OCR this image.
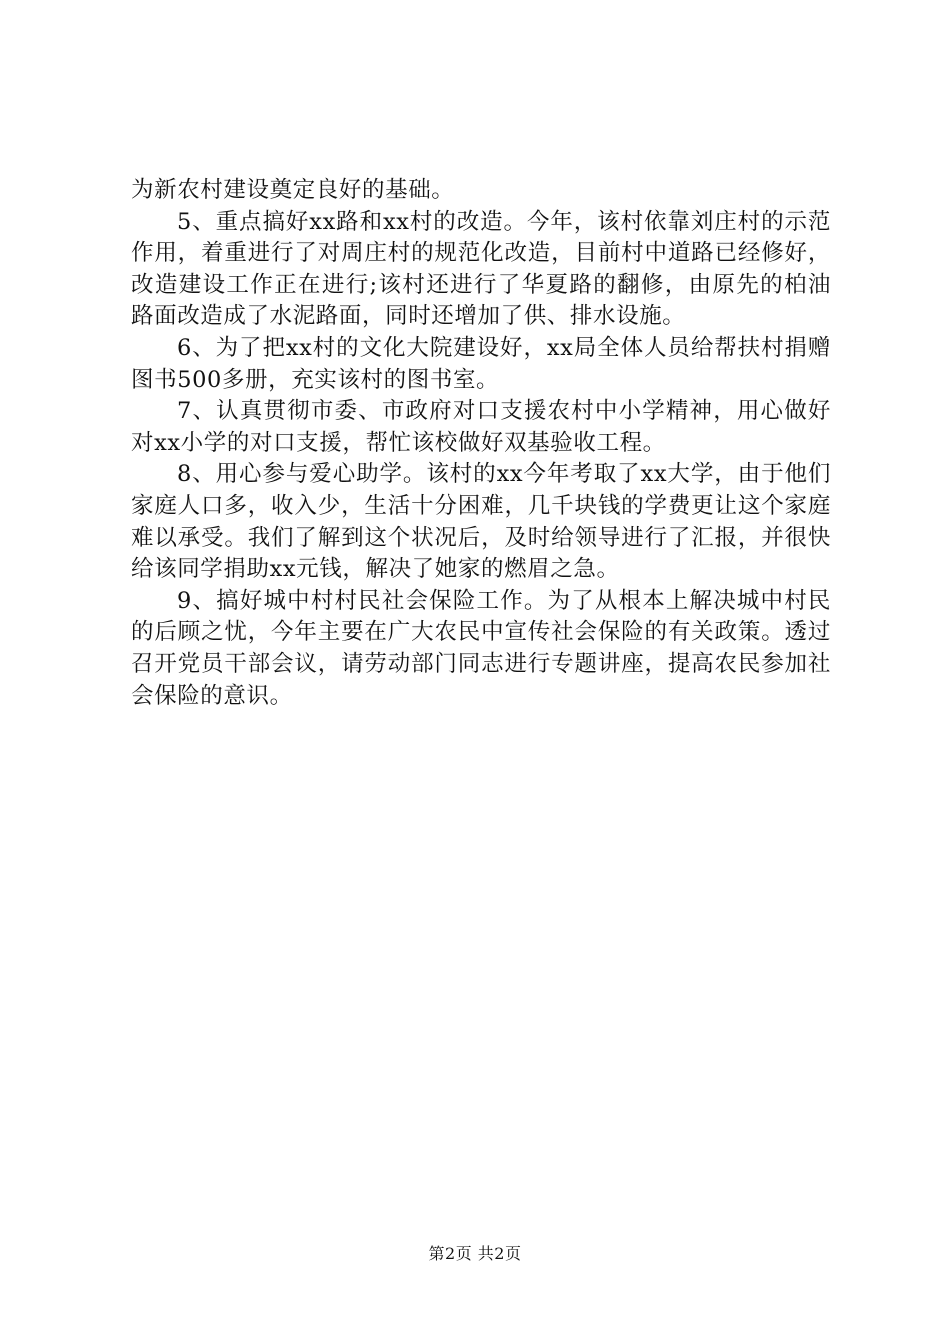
为新农村建设奠定良好的基础。

5、重点搞好xx路和xx村的改造。今年，该村依靠刘庄村的示范作用，着重进行了对周庄村的规范化改造，目前村中道路已经修好，改造建设工作正在进行;该村还进行了华夏路的翻修，由原先的柏油路面改造成了水泥路面，同时还增加了供、排水设施。

6、为了把xx村的文化大院建设好，xx局全体人员给帮扶村捐赠图书500多册，充实该村的图书室。

7、认真贯彻市委、市政府对口支援农村中小学精神，用心做好对xx小学的对口支援，帮忙该校做好双基验收工程。

8、用心参与爱心助学。该村的xx今年考取了xx大学，由于他们家庭人口多，收入少，生活十分困难，几千块钱的学费更让这个家庭难以承受。我们了解到这个状况后，及时给领导进行了汇报，并很快给该同学捐助xx元钱，解决了她家的燃眉之急。

9、搞好城中村村民社会保险工作。为了从根本上解决城中村民的后顾之忧，今年主要在广大农民中宣传社会保险的有关政策。透过召开党员干部会议，请劳动部门同志进行专题讲座，提高农民参加社会保险的意识。

第2页 共2页
